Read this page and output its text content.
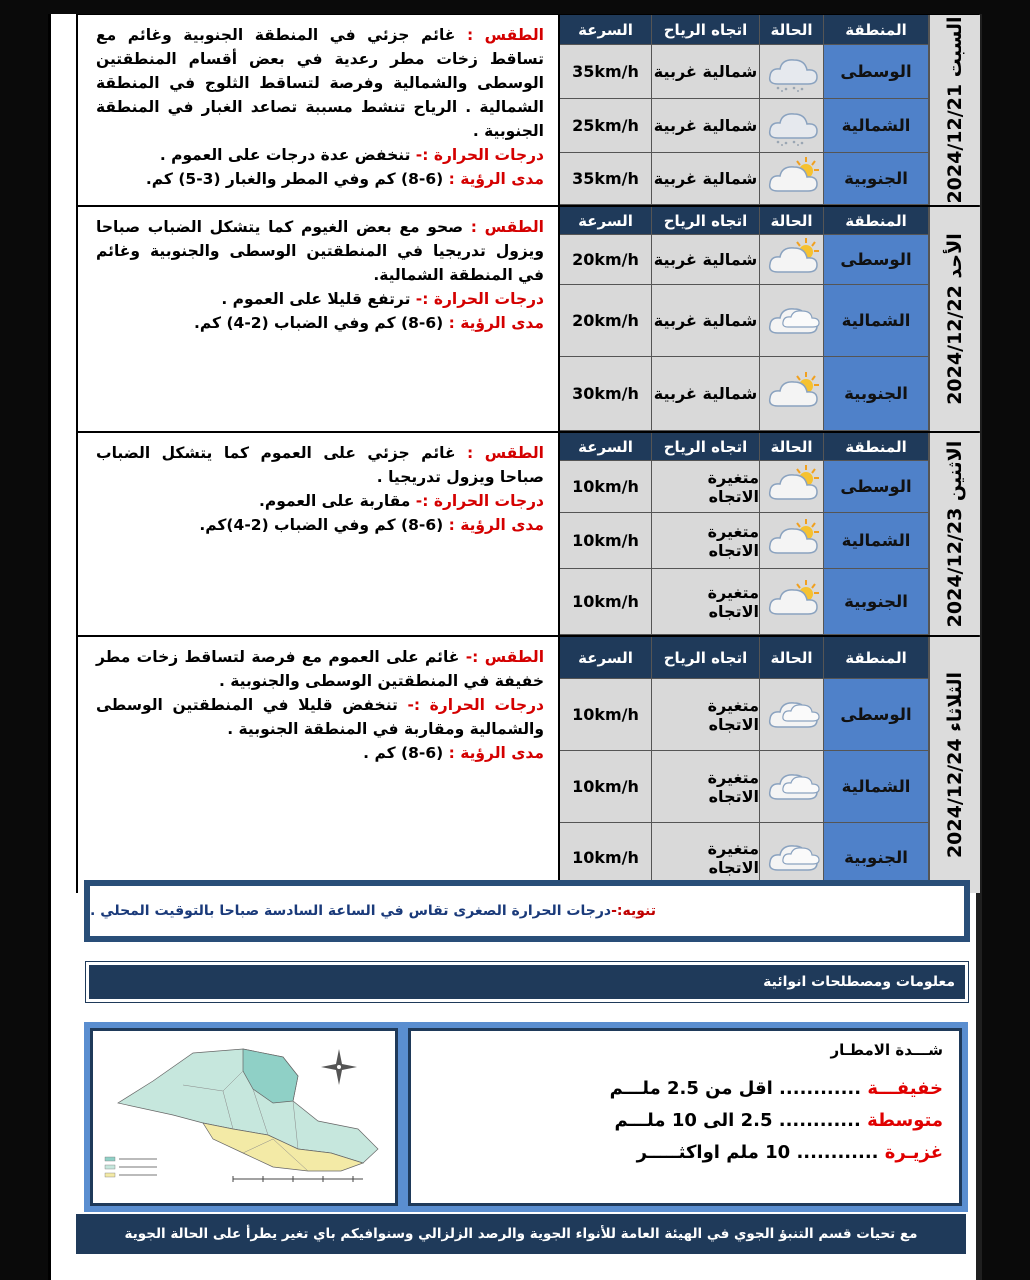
الطقس : غائم جزئي في المنطقة الجنوبية وغائم مع تساقط زخات مطر رعدية في بعض أقسام المنطقتين الوسطى والشمالية وفرصة لتساقط الثلوج في المنطقة الشمالية . الرياح تنشط مسببة تصاعد الغبار في المنطقة الجنوبية .

درجات الحرارة :- تنخفض عدة درجات على العموم .

مدى الرؤية : (6-8) كم وفي المطر والغبار (3-5) كم.

السرعة	اتجاه الرياح	الحالة	المنطقة
35km/h شمالية غربية	الوسطى
25km/h شمالية غربية	الشمالية
35km/h شمالية غربية	الجنوبية	السبت 2024/12/21

الطقس : صحو مع بعض الغيوم كما يتشكل الضباب صباحا ويزول تدريجيا في المنطقتين الوسطى والجنوبية وغائم في المنطقة الشمالية.

درجات الحرارة :- ترتفع قليلا على العموم .

مدى الرؤية : (6-8) كم وفي الضباب (2-4) كم.

السرعة	اتجاه الرياح	الحالة	المنطقة
20km/h شمالية غربية	الوسطى
20km/h شمالية غربية	الشمالية
30km/h شمالية غربية	الجنوبية	الأحد 2024/12/22

الطقس : غائم جزئي على العموم كما يتشكل الضباب صباحا ويزول تدريجيا .

درجات الحرارة :- مقاربة على العموم.

مدى الرؤية : (6-8) كم وفي الضباب (2-4)كم.

السرعة	اتجاه الرياح	الحالة	المنطقة
10km/h	متغيرة الاتجاه	الوسطى
10km/h	متغيرة الاتجاه	الشمالية
10km/h	متغيرة الاتجاه	الجنوبية	الاثنين 2024/12/23

الطقس :- غائم على العموم مع فرصة لتساقط زخات مطر خفيفة في المنطقتين الوسطى والجنوبية .

درجات الحرارة :- تنخفض قليلا في المنطقتين الوسطى والشمالية ومقاربة في المنطقة الجنوبية .

مدى الرؤية : (6-8) كم .

السرعة	اتجاه الرياح	الحالة	المنطقة
10km/h	متغيرة الاتجاه	الوسطى
10km/h	متغيرة الاتجاه	الشمالية
10km/h	متغيرة الاتجاه	الجنوبية	الثلاثاء 2024/12/24
تنويه:-
درجات الحرارة الصغرى تقاس في الساعة السادسة صباحا بالتوقيت المحلي .
معلومات ومصطلحات انوائية
شـــدة الامطـار
خفيفـــة ............ اقل من 2.5 ملـــم
متوسطة ............ 2.5 الى 10 ملـــم
غزيـرة ............ 10 ملم اواكثـــــر
مع تحيات قسم التنبؤ الجوي في الهيئة العامة للأنواء الجوية والرصد الزلزالي وسنوافيكم باي تغير يطرأ على الحالة الجوية
